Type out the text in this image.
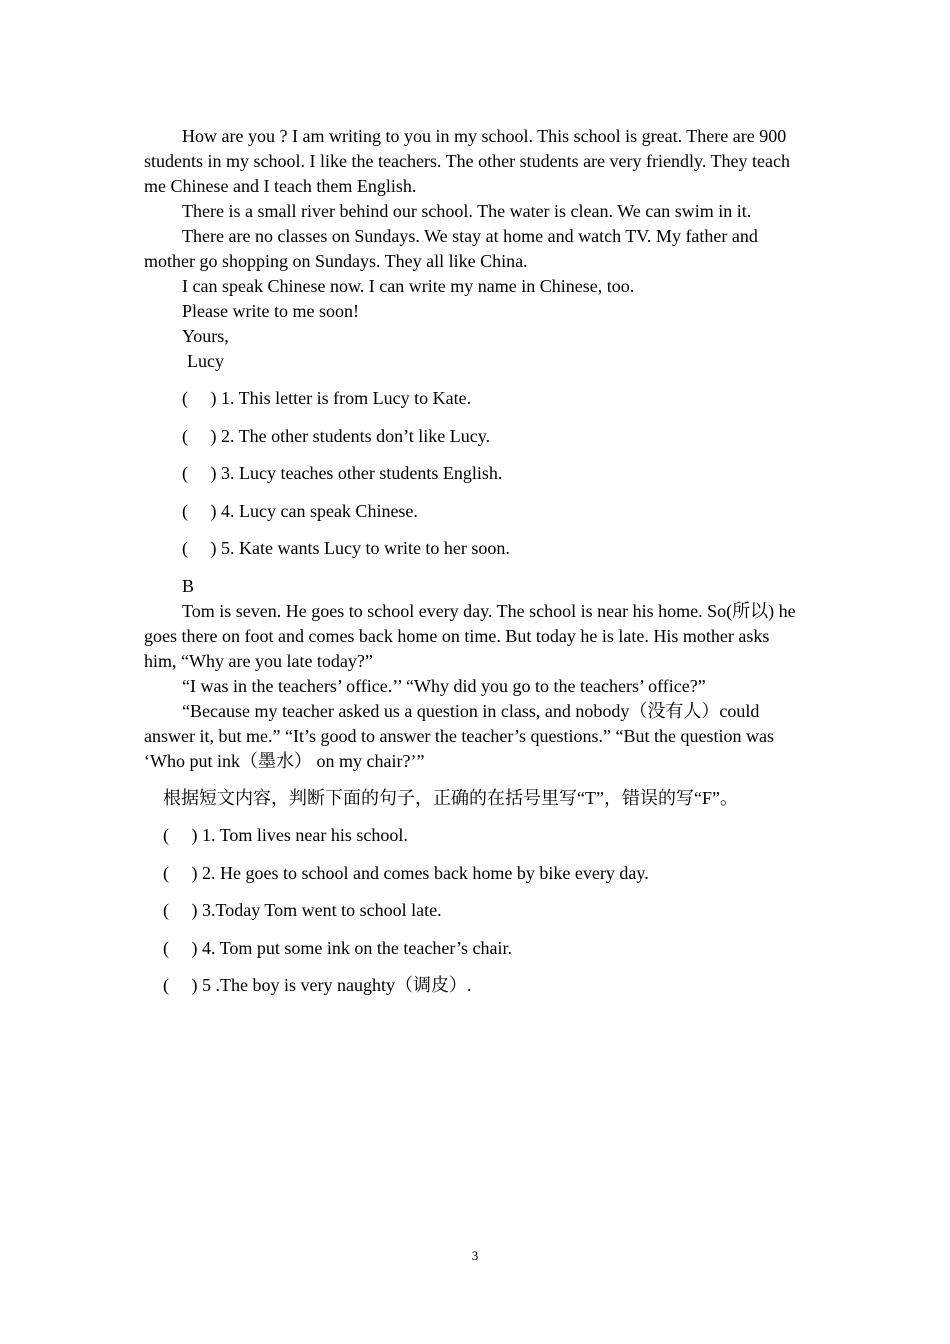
How are you ? I am writing to you in my school. This school is great. There are 900 students in my school. I like the teachers. The other students are very friendly. They teach me Chinese and I teach them English.

There is a small river behind our school. The water is clean. We can swim in it.

There are no classes on Sundays. We stay at home and watch TV. My father and mother go shopping on Sundays. They all like China.

I can speak Chinese now. I can write my name in Chinese, too.

Please write to me soon!

Yours,

Lucy

(     ) 1. This letter is from Lucy to Kate.

(     ) 2. The other students don’t like Lucy.

(     ) 3. Lucy teaches other students English.

(     ) 4. Lucy can speak Chinese.

(     ) 5. Kate wants Lucy to write to her soon.

B

Tom is seven. He goes to school every day. The school is near his home. So(所以) he goes there on foot and comes back home on time. But today he is late. His mother asks him, “Why are you late today?”

“I was in the teachers’ office.’’ “Why did you go to the teachers’ office?”

“Because my teacher asked us a question in class, and nobody（没有人）could answer it, but me.” “It’s good to answer the teacher’s questions.” “But the question was ‘Who put ink（墨水） on my chair?’”

根据短文内容，判断下面的句子，正确的在括号里写“T”，错误的写“F”。

(     ) 1. Tom lives near his school.

(     ) 2. He goes to school and comes back home by bike every day.

(     ) 3.Today Tom went to school late.

(     ) 4. Tom put some ink on the teacher’s chair.

(     ) 5 .The boy is very naughty（调皮）.

3
